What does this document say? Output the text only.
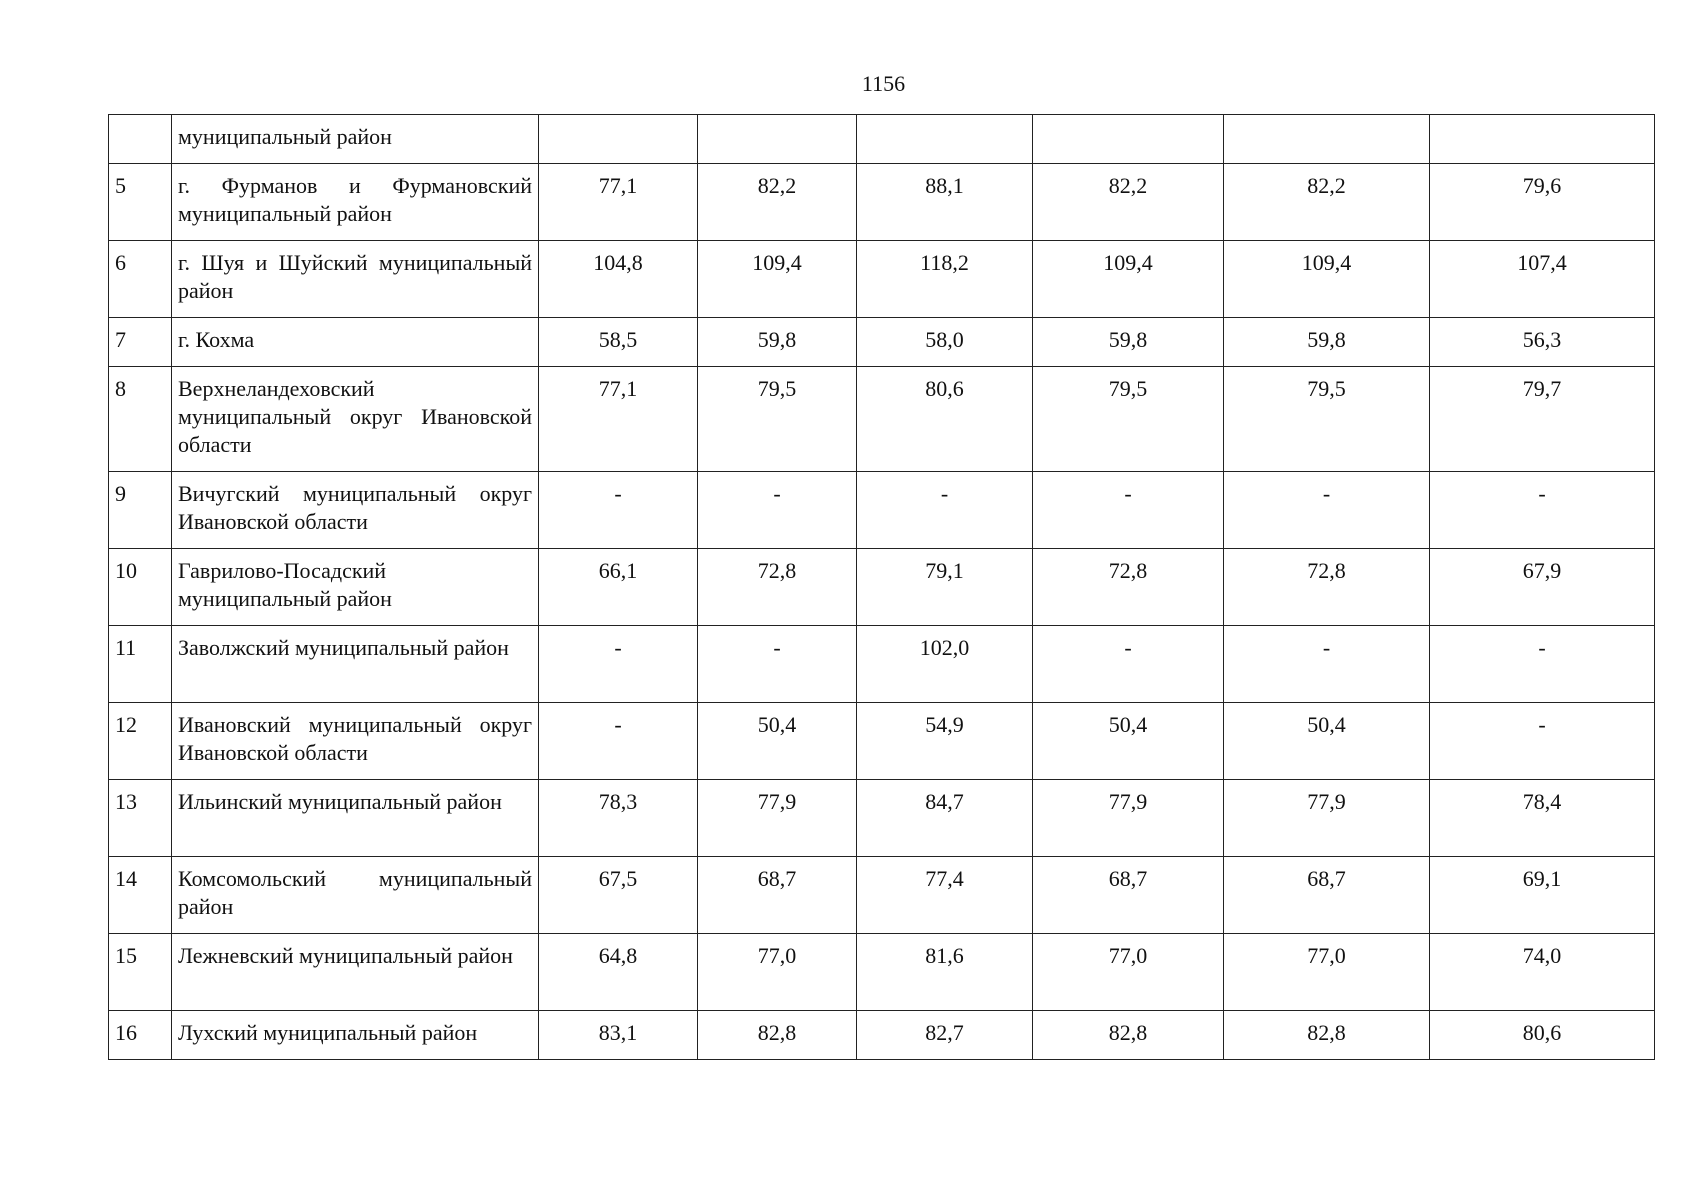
1156
	муниципальный район						
5	г. Фурманов и Фурмановский муниципальный район	77,1	82,2	88,1	82,2	82,2	79,6
6	г. Шуя и Шуйский муниципальный район	104,8	109,4	118,2	109,4	109,4	107,4
7	г. Кохма	58,5	59,8	58,0	59,8	59,8	56,3
8	Верхнеландеховский муниципальный округ Ивановской области	77,1	79,5	80,6	79,5	79,5	79,7
9	Вичугский муниципальный округ Ивановской области	-	-	-	-	-	-
10	Гаврилово-Посадский муниципальный район	66,1	72,8	79,1	72,8	72,8	67,9
11	Заволжский муниципальный район	-	-	102,0	-	-	-
12	Ивановский муниципальный округ Ивановской области	-	50,4	54,9	50,4	50,4	-
13	Ильинский муниципальный район	78,3	77,9	84,7	77,9	77,9	78,4
14	Комсомольский муниципальный район	67,5	68,7	77,4	68,7	68,7	69,1
15	Лежневский муниципальный район	64,8	77,0	81,6	77,0	77,0	74,0
16	Лухский муниципальный район	83,1	82,8	82,7	82,8	82,8	80,6
